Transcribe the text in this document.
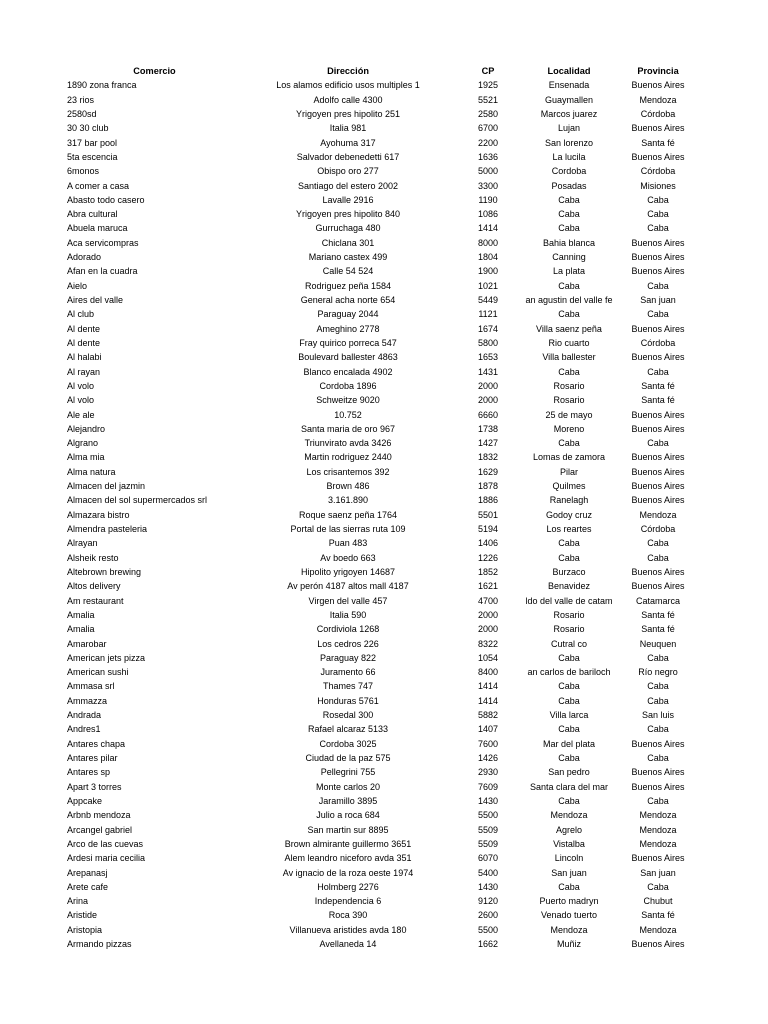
Comercio	Dirección	CP	Localidad	Provincia
1890 zona franca	Los alamos edificio usos multiples 1	1925	Ensenada	Buenos Aires
23 rios	Adolfo calle 4300	5521	Guaymallen	Mendoza
2580sd	Yrigoyen pres hipolito 251	2580	Marcos juarez	Córdoba
30 30 club	Italia 981	6700	Lujan	Buenos Aires
317 bar pool	Ayohuma 317	2200	San lorenzo	Santa fé
5ta escencia	Salvador debenedetti 617	1636	La lucila	Buenos Aires
6monos	Obispo oro 277	5000	Cordoba	Córdoba
A comer a casa	Santiago del estero 2002	3300	Posadas	Misiones
Abasto todo casero	Lavalle 2916	1190	Caba	Caba
Abra cultural	Yrigoyen pres hipolito 840	1086	Caba	Caba
Abuela maruca	Gurruchaga 480	1414	Caba	Caba
Aca servicompras	Chiclana 301	8000	Bahia blanca	Buenos Aires
Adorado	Mariano castex 499	1804	Canning	Buenos Aires
Afan en la cuadra	Calle 54 524	1900	La plata	Buenos Aires
Aielo	Rodriguez peña 1584	1021	Caba	Caba
Aires del valle	General acha norte 654	5449	an agustin del valle fe	San juan
Al club	Paraguay 2044	1121	Caba	Caba
Al dente	Ameghino 2778	1674	Villa saenz peña	Buenos Aires
Al dente	Fray quirico porreca 547	5800	Rio cuarto	Córdoba
Al halabi	Boulevard ballester 4863	1653	Villa ballester	Buenos Aires
Al rayan	Blanco encalada 4902	1431	Caba	Caba
Al volo	Cordoba 1896	2000	Rosario	Santa fé
Al volo	Schweitze 9020	2000	Rosario	Santa fé
Ale ale	10.752	6660	25 de mayo	Buenos Aires
Alejandro	Santa maria de oro 967	1738	Moreno	Buenos Aires
Algrano	Triunvirato avda 3426	1427	Caba	Caba
Alma mia	Martin rodriguez 2440	1832	Lomas de zamora	Buenos Aires
Alma natura	Los crisantemos 392	1629	Pilar	Buenos Aires
Almacen del jazmin	Brown 486	1878	Quilmes	Buenos Aires
Almacen del sol supermercados srl	3.161.890	1886	Ranelagh	Buenos Aires
Almazara bistro	Roque saenz peña 1764	5501	Godoy cruz	Mendoza
Almendra pasteleria	Portal de las sierras ruta 109	5194	Los reartes	Córdoba
Alrayan	Puan 483	1406	Caba	Caba
Alsheik resto	Av boedo 663	1226	Caba	Caba
Altebrown brewing	Hipolito yrigoyen 14687	1852	Burzaco	Buenos Aires
Altos delivery	Av perón 4187 altos mall 4187	1621	Benavidez	Buenos Aires
Am restaurant	Virgen del valle 457	4700	ldo del valle de catam	Catamarca
Amalia	Italia 590	2000	Rosario	Santa fé
Amalia	Cordiviola 1268	2000	Rosario	Santa fé
Amarobar	Los cedros 226	8322	Cutral co	Neuquen
American jets pizza	Paraguay 822	1054	Caba	Caba
American sushi	Juramento 66	8400	an carlos de bariloch	Río negro
Ammasa srl	Thames 747	1414	Caba	Caba
Ammazza	Honduras 5761	1414	Caba	Caba
Andrada	Rosedal 300	5882	Villa larca	San luis
Andres1	Rafael alcaraz 5133	1407	Caba	Caba
Antares chapa	Cordoba 3025	7600	Mar del plata	Buenos Aires
Antares pilar	Ciudad de la paz 575	1426	Caba	Caba
Antares sp	Pellegrini 755	2930	San pedro	Buenos Aires
Apart 3 torres	Monte carlos 20	7609	Santa clara del mar	Buenos Aires
Appcake	Jaramillo 3895	1430	Caba	Caba
Arbnb mendoza	Julio a roca 684	5500	Mendoza	Mendoza
Arcangel gabriel	San martin sur 8895	5509	Agrelo	Mendoza
Arco de las cuevas	Brown almirante guillermo 3651	5509	Vistalba	Mendoza
Ardesi maria cecilia	Alem leandro niceforo avda 351	6070	Lincoln	Buenos Aires
Arepanasj	Av ignacio de la roza oeste 1974	5400	San juan	San juan
Arete cafe	Holmberg 2276	1430	Caba	Caba
Arina	Independencia 6	9120	Puerto madryn	Chubut
Aristide	Roca 390	2600	Venado tuerto	Santa fé
Aristopia	Villanueva aristides avda 180	5500	Mendoza	Mendoza
Armando pizzas	Avellaneda 14	1662	Muñiz	Buenos Aires
